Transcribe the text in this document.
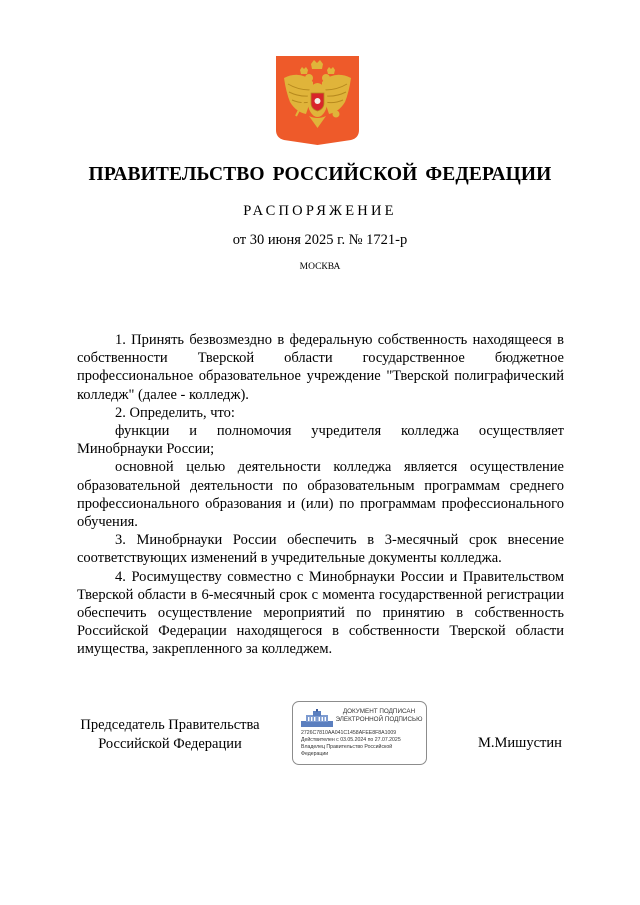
ПРАВИТЕЛЬСТВО РОССИЙСКОЙ ФЕДЕРАЦИИ
РАСПОРЯЖЕНИЕ
от 30 июня 2025 г. № 1721-р
МОСКВА

1. Принять безвозмездно в федеральную собственность находящееся в собственности Тверской области государственное бюджетное профессиональное образовательное учреждение "Тверской полиграфический колледж" (далее - колледж).

2. Определить, что:

функции и полномочия учредителя колледжа осуществляет Минобрнауки России;

основной целью деятельности колледжа является осуществление образовательной деятельности по образовательным программам среднего профессионального образования и (или) по программам профессионального обучения.

3. Минобрнауки России обеспечить в 3-месячный срок внесение соответствующих изменений в учредительные документы колледжа.

4. Росимуществу совместно с Минобрнауки России и Правительством Тверской области в 6-месячный срок с момента государственной регистрации обеспечить осуществление мероприятий по принятию в собственность Российской Федерации находящегося в собственности Тверской области имущества, закрепленного за колледжем.

Председатель Правительства
Российской Федерации
ДОКУМЕНТ ПОДПИСАН
ЭЛЕКТРОННОЙ ПОДПИСЬЮ
2726C7810AA041C1458AFEE8F8A1009
Действителен с 03.05.2024 по 27.07.2025
Владелец Правительство Российской
Федерации
М.Мишустин
